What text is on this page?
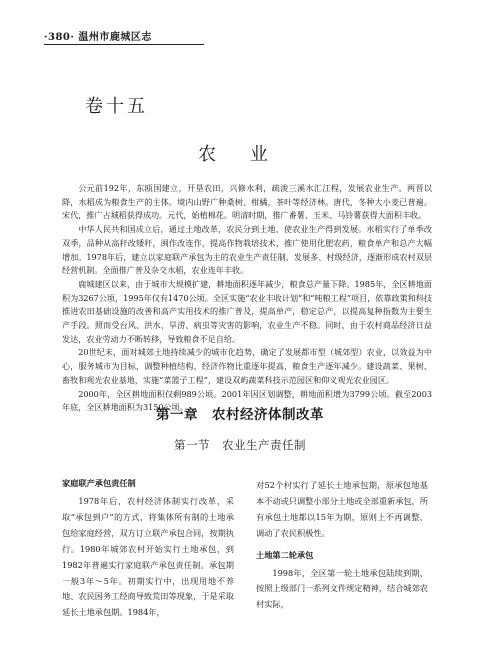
·380· 温州市鹿城区志
卷十五
农 业

公元前192年，东瓯国建立，开垦农田，兴修水利，疏浚三溪水汇江程，发展农业生产。两晋以降，水稻成为粮食生产的主体。境内山野广种桑树、柑橘，茶叶等经济林。唐代，冬种大小麦已普遍。宋代，推广占城稻获得成功。元代，始植棉花。明清时期，推广番薯、玉米、马铃薯获得大面积丰收。

中华人民共和国成立后，通过土地改革，农民分到土地，使农业生产得到发展。水稻实行了单季改双季，品种从高秆改矮秆，闽作改连作，提高作物栽培技术，推广使用化肥农药，粮食单产和总产大幅增加。1978年后，建立以家庭联产承包为主的农业生产责任制，发展多、村级经济，逐渐形成农村双层经营机制。全面推广普及杂交水稻，农业连年丰收。

鹿城建区以来，由于城市大规模扩建，耕地面积逐年减少，粮食总产量下降。1985年，全区耕地面积为3267公顷，1995年仅有1470公顷。全区实施“农业丰收计划”和“吨粮工程”项目，依靠政策和科技推进农田基础设施的改善和高产实用技术的推广普及，提高单产，稳定总产，以提高复种指数为主要生产手段。照而受台风、洪水、旱涝、病虫等灾害的影响，农业生产不稳。同时，由于农村商品经济日益发达，农业劳动力不断转移，导致粮食不足自给。

20世纪末，面对城郊土地持续减少的城市化趋势，确定了发展都市型（城郊型）农业，以效益为中心，服务城市为目标，调整种植结构，经济作物比重逐年提高，粮食生产逐年减少。建设蔬菜、果树、畜牧和观光农业基地，实施“菜篮子工程”，建设双屿蔬菜科技示范园区和仰义观光农业园区。

2000年，全区耕地面积仅剩989公顷。2001年因区划调整，耕地面积增为3799公顷。截至2003年底，全区耕地面积为3150公顷。

第一章　农村经济体制改革
第一节　农业生产责任制
家庭联产承包责任制

1978年后，农村经济体制实行改革，采取“承包到户”的方式，将集体所有制的土地承包给家庭经营，双方订立联产承包合同，按期执行。1980年城郊农村开始实行土地承包，到1982年普遍实行家庭联产承包责任制。承包期一般3年～5年。初期实行中，出现用地不养地、农民因务工经商导致荒田等现象，于是采取延长土地承包期。1984年，

对52个村实行了延长土地承包期，原承包地基本不动或只调整小部分土地或全部重新承包，所有承包土地都以15年为期，原则上不再调整，调动了农民积极性。

土地第二轮承包

1998年，全区第一轮土地承包陆续到期，按照上级部门一系列文件规定精神，结合城郊农村实际，
